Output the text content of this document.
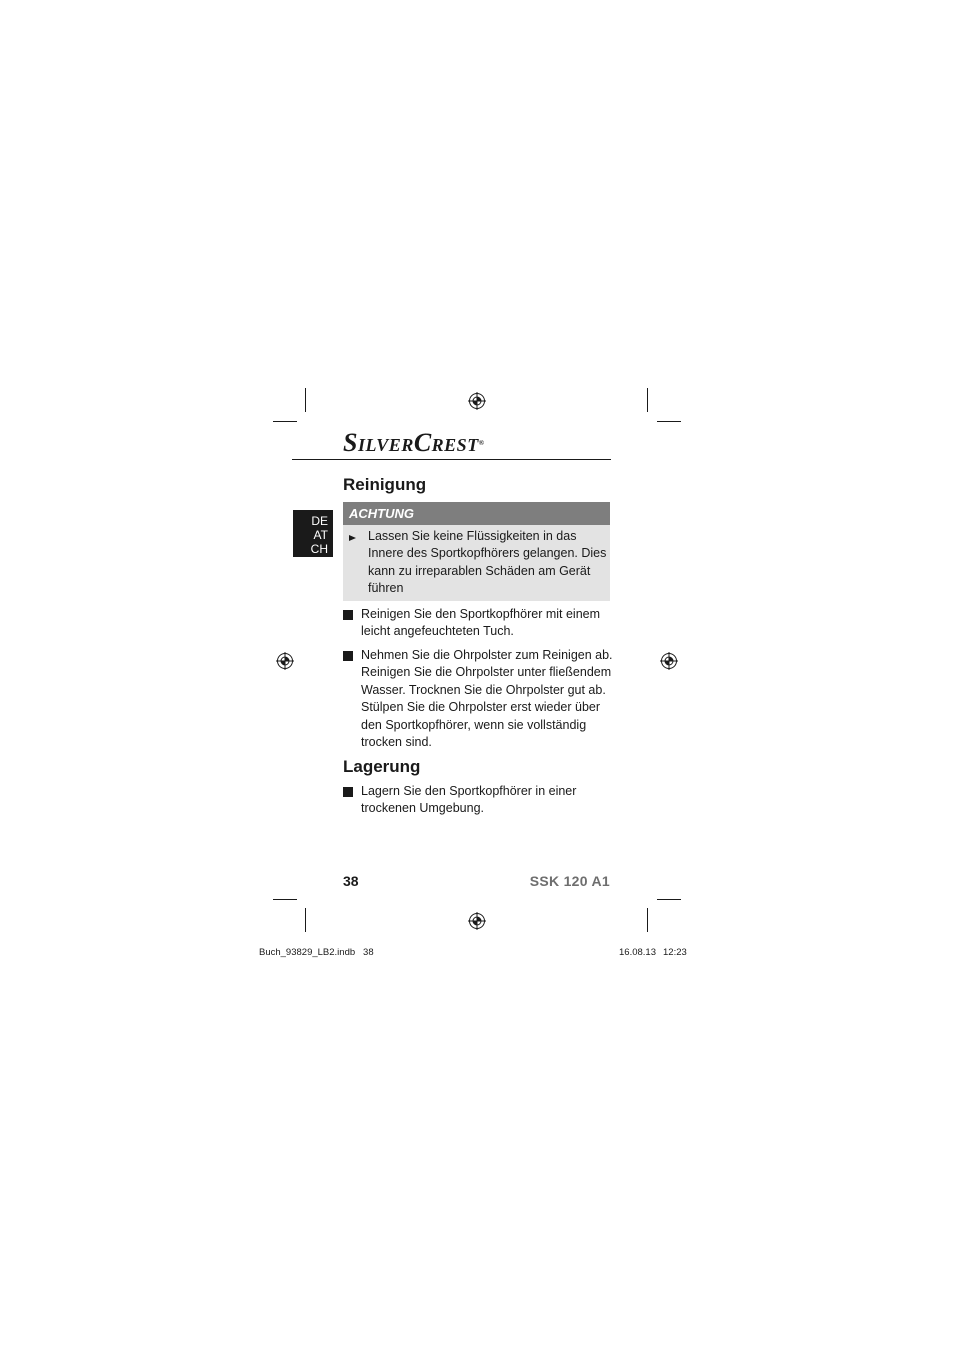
SILVERCREST®
Reinigung
DE
AT
CH
ACHTUNG
Lassen Sie keine Flüssigkeiten in das Innere des Sportkopfhörers gelangen. Dies kann zu irreparablen Schäden am Gerät führen
Reinigen Sie den Sportkopfhörer mit einem leicht angefeuchteten Tuch.
Nehmen Sie die Ohrpolster zum Reinigen ab. Reinigen Sie die Ohrpolster unter fließendem Wasser. Trocknen Sie die Ohrpolster gut ab. Stülpen Sie die Ohrpolster erst wieder über den Sportkopfhörer, wenn sie vollständig trocken sind.
Lagerung
Lagern Sie den Sportkopfhörer in einer trockenen Umgebung.
38	SSK 120 A1
Buch_93829_LB2.indb   38	16.08.13 12:23
